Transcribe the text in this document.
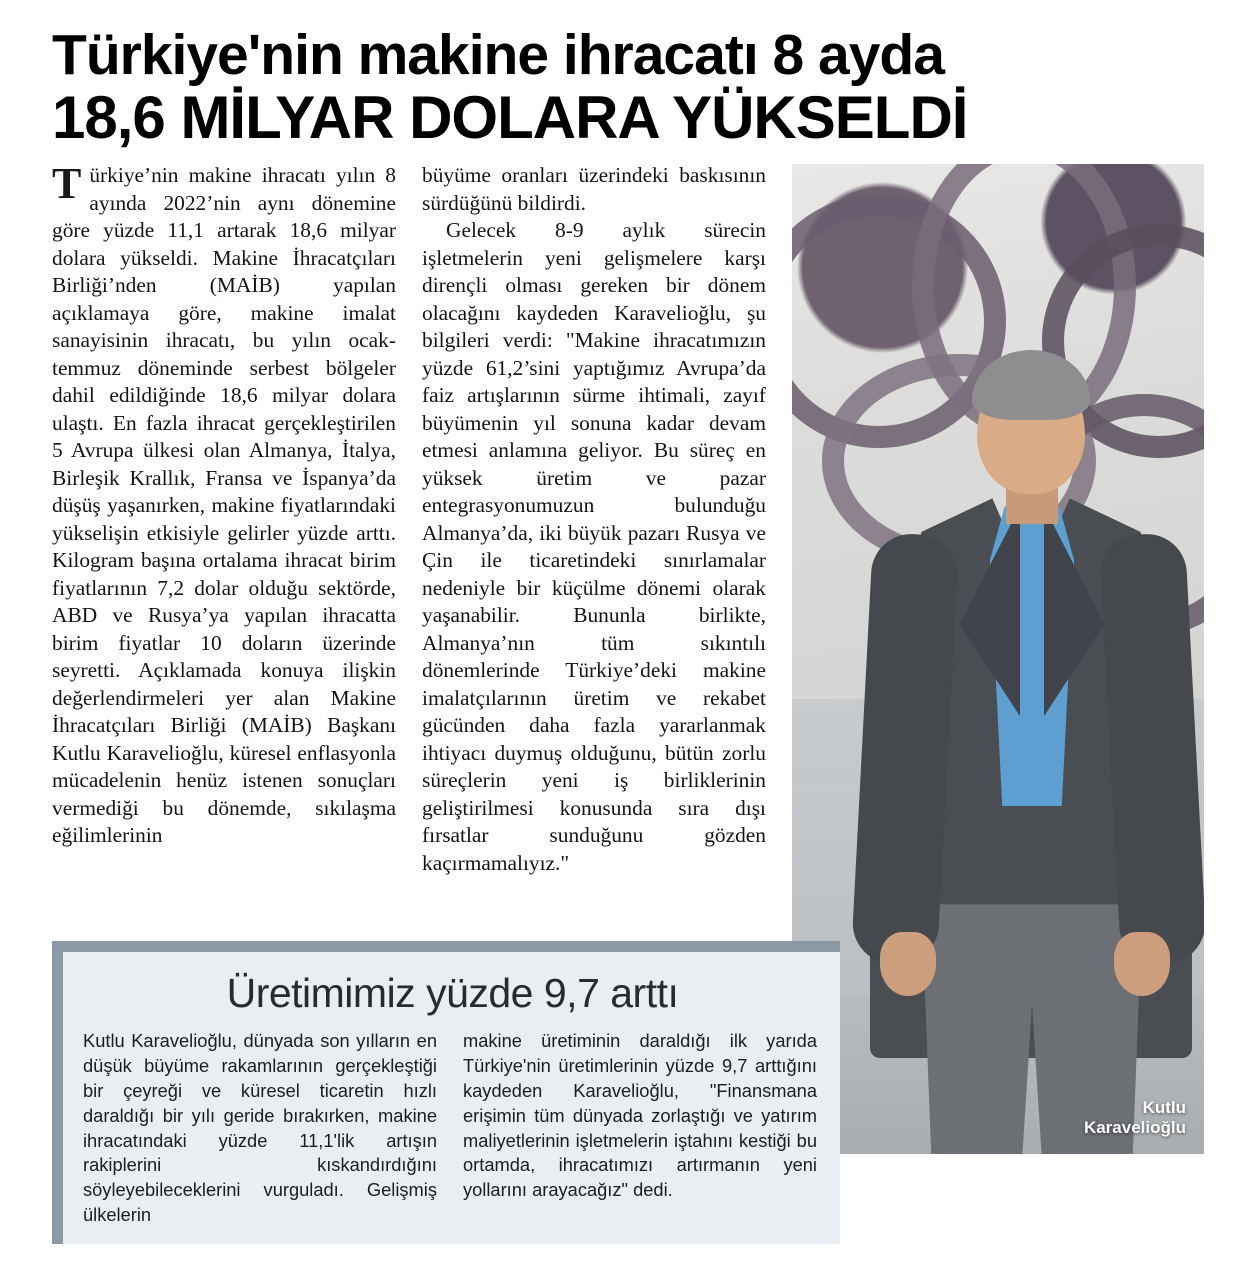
Türkiye'nin makine ihracatı 8 ayda
18,6 MİLYAR DOLARA YÜKSELDİ

Türkiye’nin makine ihracatı yılın 8 ayında 2022’nin aynı dönemine göre yüzde 11,1 artarak 18,6 milyar dolara yükseldi. Makine İhracatçıları Birliği’nden (MAİB) yapılan açıklamaya göre, makine imalat sanayisinin ihracatı, bu yılın ocak-temmuz döneminde serbest bölgeler dahil edildiğinde 18,6 milyar dolara ulaştı. En fazla ihracat gerçekleştirilen 5 Avrupa ülkesi olan Almanya, İtalya, Birleşik Krallık, Fransa ve İspanya’da düşüş yaşanırken, makine fiyatlarındaki yükselişin etkisiyle gelirler yüzde arttı. Kilogram başına ortalama ihracat birim fiyatlarının 7,2 dolar olduğu sektörde, ABD ve Rusya’ya yapılan ihracatta birim fiyatlar 10 doların üzerinde seyretti. Açıklamada konuya ilişkin değerlendirmeleri yer alan Makine İhracatçıları Birliği (MAİB) Başkanı Kutlu Karavelioğlu, küresel enflasyonla mücadelenin henüz istenen sonuçları vermediği bu dönemde, sıkılaşma eğilimlerinin

büyüme oranları üzerindeki baskısının sürdüğünü bildirdi.

Gelecek 8-9 aylık sürecin işletmelerin yeni gelişmelere karşı dirençli olması gereken bir dönem olacağını kaydeden Karavelioğlu, şu bilgileri verdi: "Makine ihracatımızın yüzde 61,2’sini yaptığımız Avrupa’da faiz artışlarının sürme ihtimali, zayıf büyümenin yıl sonuna kadar devam etmesi anlamına geliyor. Bu süreç en yüksek üretim ve pazar entegrasyonumuzun bulunduğu Almanya’da, iki büyük pazarı Rusya ve Çin ile ticaretindeki sınırlamalar nedeniyle bir küçülme dönemi olarak yaşanabilir. Bununla birlikte, Almanya’nın tüm sıkıntılı dönemlerinde Türkiye’deki makine imalatçılarının üretim ve rekabet gücünden daha fazla yararlanmak ihtiyacı duymuş olduğunu, bütün zorlu süreçlerin yeni iş birliklerinin geliştirilmesi konusunda sıra dışı fırsatlar sunduğunu gözden kaçırmamalıyız."

Kutlu
Karavelioğlu
Üretimimiz yüzde 9,7 arttı

Kutlu Karavelioğlu, dünyada son yılların en düşük büyüme rakamlarının gerçekleştiği bir çeyreği ve küresel ticaretin hızlı daraldığı bir yılı geride bırakırken, makine ihracatındaki yüzde 11,1'lik artışın rakiplerini kıskandırdığını söyleyebileceklerini vurguladı. Gelişmiş ülkelerin

makine üretiminin daraldığı ilk yarıda Türkiye'nin üretimlerinin yüzde 9,7 arttığını kaydeden Karavelioğlu, "Finansmana erişimin tüm dünyada zorlaştığı ve yatırım maliyetlerinin işletmelerin iştahını kestiği bu ortamda, ihracatımızı artırmanın yeni yollarını arayacağız" dedi.
